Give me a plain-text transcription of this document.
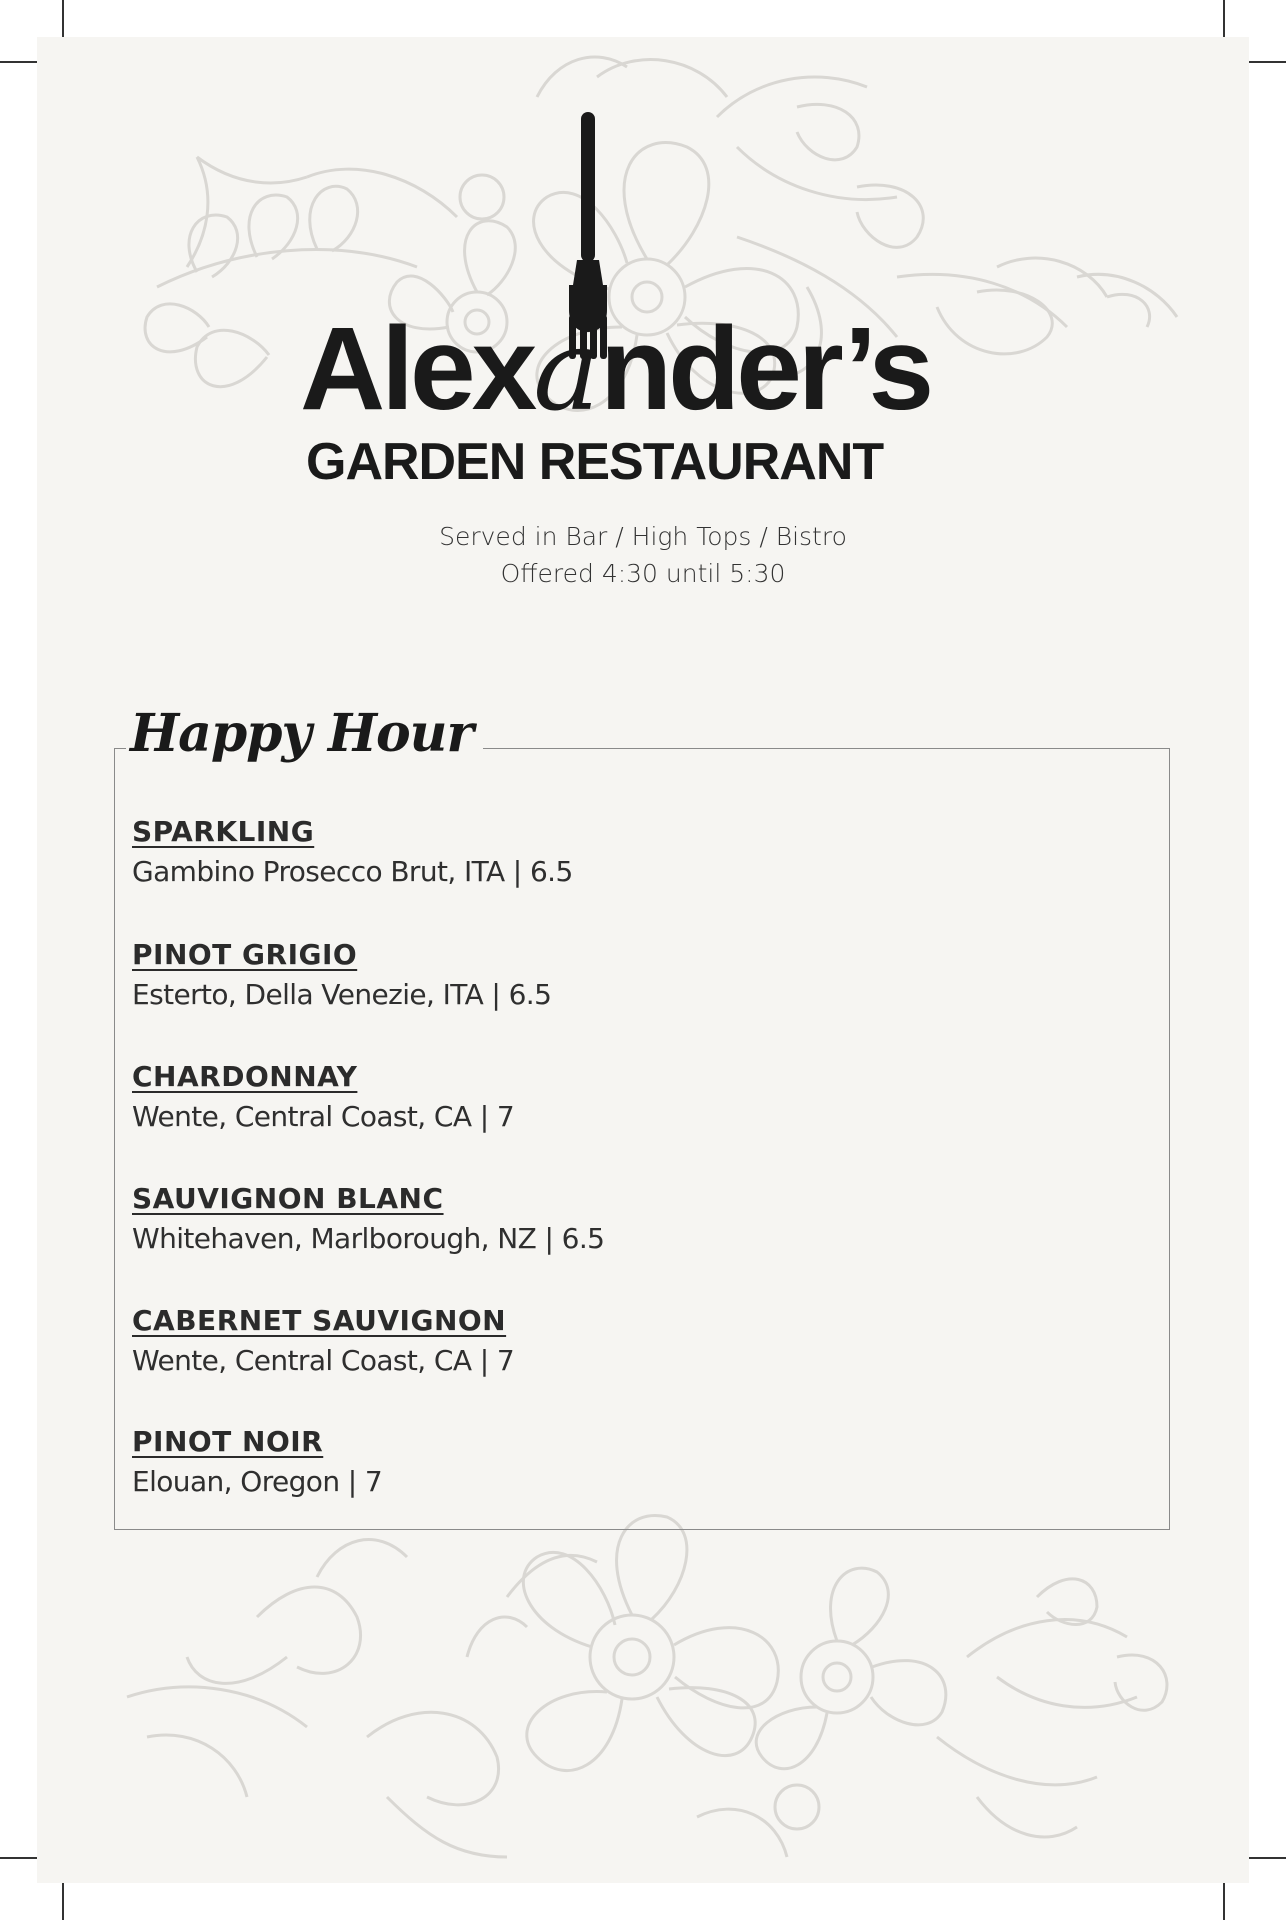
Alexander’s
GARDEN RESTAURANT
Served in Bar / High Tops / Bistro
Offered 4:30 until 5:30
Happy Hour
SPARKLING
Gambino Prosecco Brut, ITA | 6.5
PINOT GRIGIO
Esterto, Della Venezie, ITA | 6.5
CHARDONNAY
Wente, Central Coast, CA | 7
SAUVIGNON BLANC
Whitehaven, Marlborough, NZ | 6.5
CABERNET SAUVIGNON
Wente, Central Coast, CA | 7
PINOT NOIR
Elouan, Oregon | 7
